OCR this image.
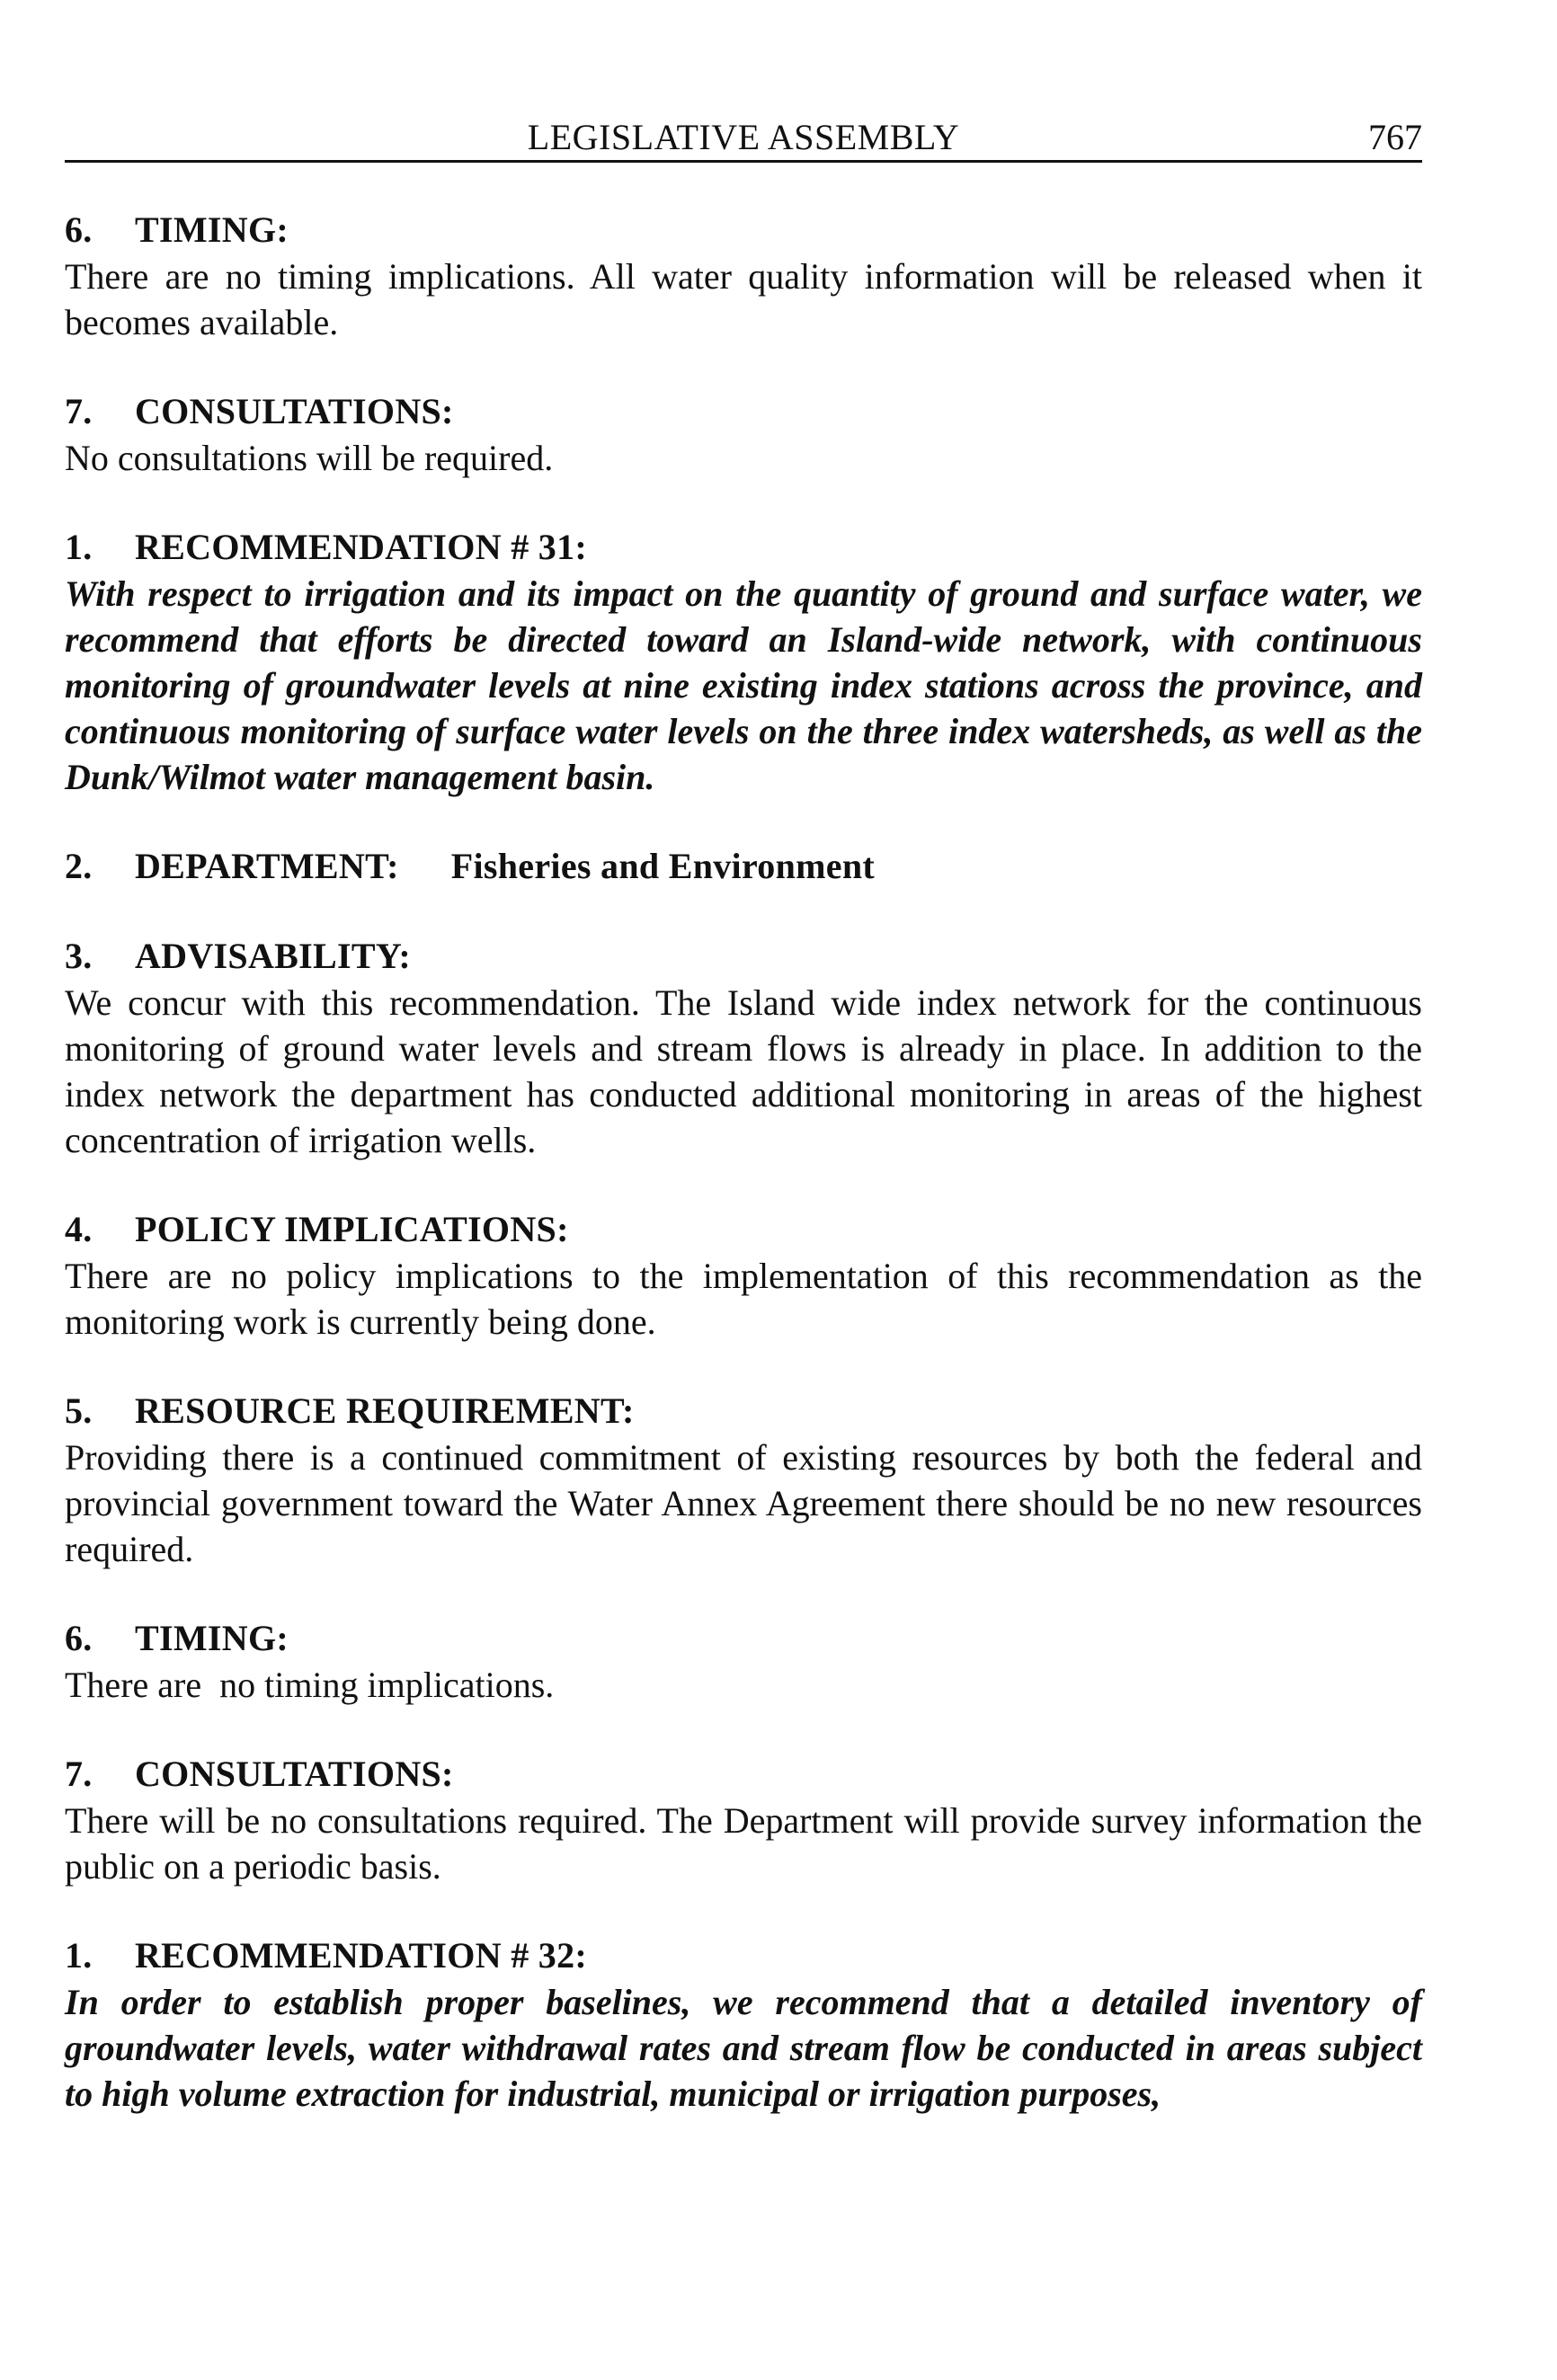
LEGISLATIVE ASSEMBLY	767

6. TIMING:

There are no timing implications. All water quality information will be released when it becomes available.

7. CONSULTATIONS:

No consultations will be required.

1. RECOMMENDATION # 31:

With respect to irrigation and its impact on the quantity of ground and surface water, we recommend that efforts be directed toward an Island-wide network, with continuous monitoring of groundwater levels at nine existing index stations across the province, and continuous monitoring of surface water levels on the three index watersheds, as well as the Dunk/Wilmot water management basin.

2. DEPARTMENT: Fisheries and Environment

3. ADVISABILITY:

We concur with this recommendation. The Island wide index network for the continuous monitoring of ground water levels and stream flows is already in place. In addition to the index network the department has conducted additional monitoring in areas of the highest concentration of irrigation wells.

4. POLICY IMPLICATIONS:

There are no policy implications to the implementation of this recommendation as the monitoring work is currently being done.

5. RESOURCE REQUIREMENT:

Providing there is a continued commitment of existing resources by both the federal and provincial government toward the Water Annex Agreement there should be no new resources required.

6. TIMING:

There are  no timing implications.

7. CONSULTATIONS:

There will be no consultations required. The Department will provide survey information the public on a periodic basis.

1. RECOMMENDATION # 32:

In order to establish proper baselines, we recommend that a detailed inventory of groundwater levels, water withdrawal rates and stream flow be conducted in areas subject to high volume extraction for industrial, municipal or irrigation purposes,
